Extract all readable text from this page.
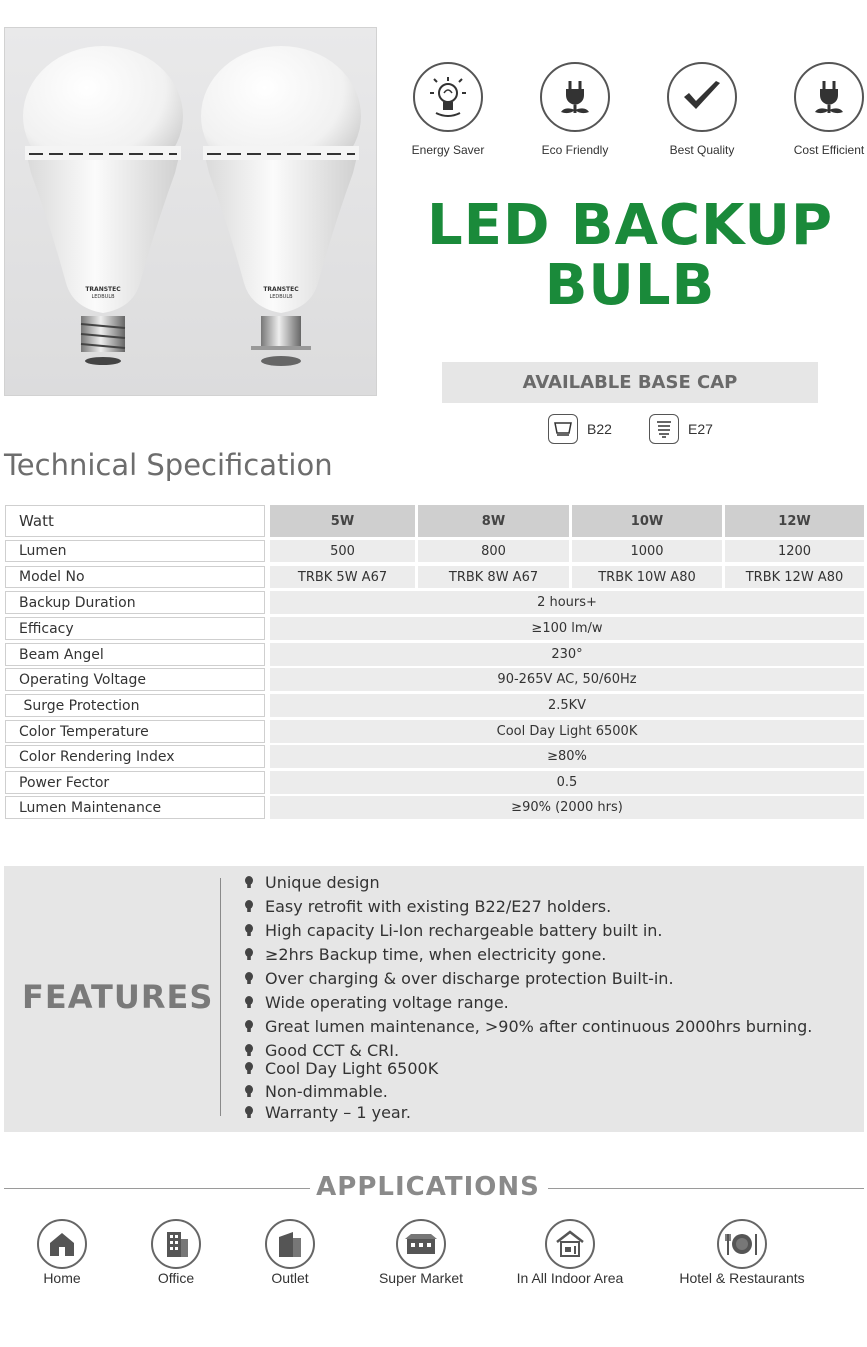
TRANSTEC
LEDBULB
TRANSTEC
LEDBULB
Energy Saver	Eco Friendly	Best Quality	Cost Efficient
LED BACKUP
BULB
AVAILABLE BASE CAP
B22	E27
Technical Specification
Watt	5W	8W	10W	12W
Lumen	500	800	1000	1200
Model No	TRBK 5W A67	TRBK 8W A67	TRBK 10W A80	TRBK 12W A80
Backup Duration	2 hours+
Efficacy	≥100 lm/w
Beam Angel	230°
Operating Voltage	90-265V AC, 50/60Hz
Surge Protection	2.5KV
Color Temperature	Cool Day Light 6500K
Color Rendering Index	≥80%
Power Fector	0.5
Lumen Maintenance	≥90% (2000 hrs)
FEATURES
Unique design
Easy retrofit with existing B22/E27 holders.
High capacity Li-Ion rechargeable battery built in.
≥2hrs Backup time, when electricity gone.
Over charging & over discharge protection Built-in.
Wide operating voltage range.
Great lumen maintenance, >90% after continuous 2000hrs burning.
Good CCT & CRI.
Cool Day Light 6500K
Non-dimmable.
Warranty – 1 year.
APPLICATIONS
Home	Office	Outlet	Super Market	In All Indoor Area	Hotel & Restaurants
